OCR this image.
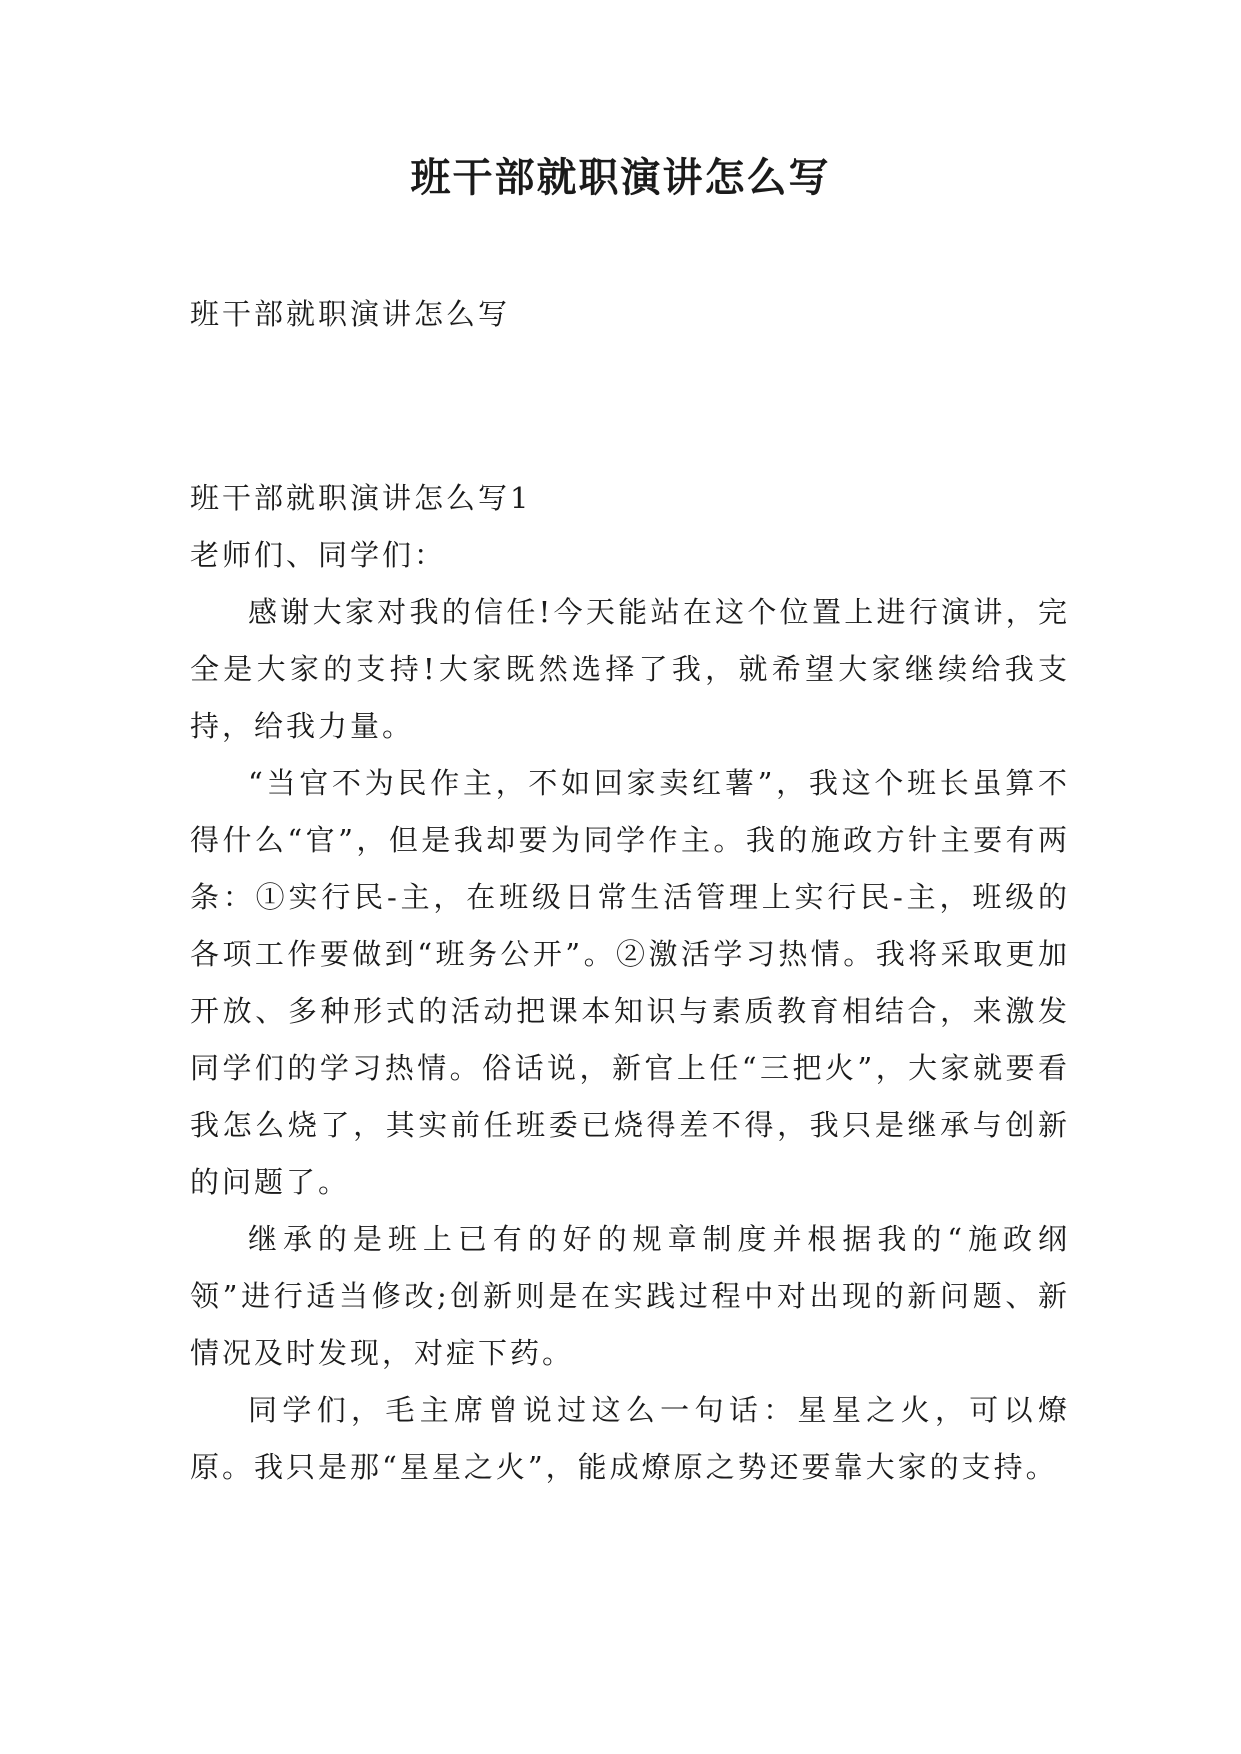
班干部就职演讲怎么写

班干部就职演讲怎么写

班干部就职演讲怎么写1

老师们、同学们：

感谢大家对我的信任!今天能站在这个位置上进行演讲，完全是大家的支持!大家既然选择了我，就希望大家继续给我支持，给我力量。

“当官不为民作主，不如回家卖红薯”，我这个班长虽算不得什么“官”，但是我却要为同学作主。我的施政方针主要有两条：①实行民-主，在班级日常生活管理上实行民-主，班级的各项工作要做到“班务公开”。②激活学习热情。我将采取更加开放、多种形式的活动把课本知识与素质教育相结合，来激发同学们的学习热情。俗话说，新官上任“三把火”，大家就要看我怎么烧了，其实前任班委已烧得差不得，我只是继承与创新的问题了。

继承的是班上已有的好的规章制度并根据我的“施政纲领”进行适当修改;创新则是在实践过程中对出现的新问题、新情况及时发现，对症下药。

同学们，毛主席曾说过这么一句话：星星之火，可以燎原。我只是那“星星之火”，能成燎原之势还要靠大家的支持。
